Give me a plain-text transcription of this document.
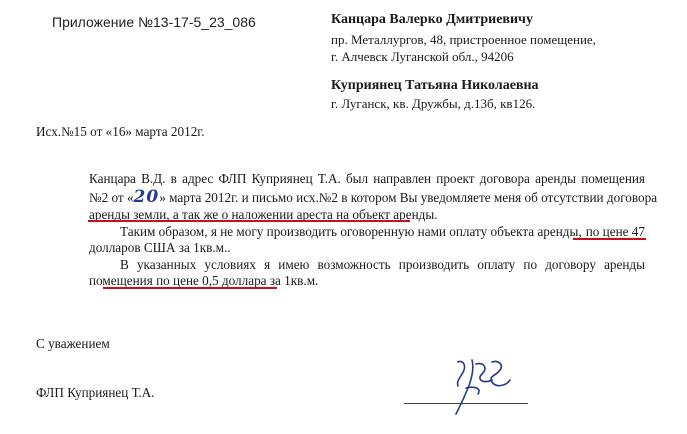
Приложение №13-17-5_23_086	Канцара Валерко Дмитриевичу
пр. Металлургов, 48, пристроенное помещение,
г. Алчевск Луганской обл., 94206
Куприянец Татьяна Николаевна
г. Луганск, кв. Дружбы, д.13б, кв126.
Исх.№15 от «16» марта 2012г.
Канцара В.Д. в адрес ФЛП Куприянец Т.А. был направлен проект договора аренды помещения
№2 от « 20 » марта 2012г. и письмо исх.№2 в котором Вы уведомляете меня об отсутствии договора
аренды земли, а так же о наложении ареста на объект аренды.
Таким образом, я не могу производить оговоренную нами оплату объекта аренды, по цене 47
долларов США за 1кв.м..
В указанных условиях я имею возможность производить оплату по договору аренды
помещения по цене 0,5 доллара за 1кв.м.
С уважением
ФЛП Куприянец Т.А.
